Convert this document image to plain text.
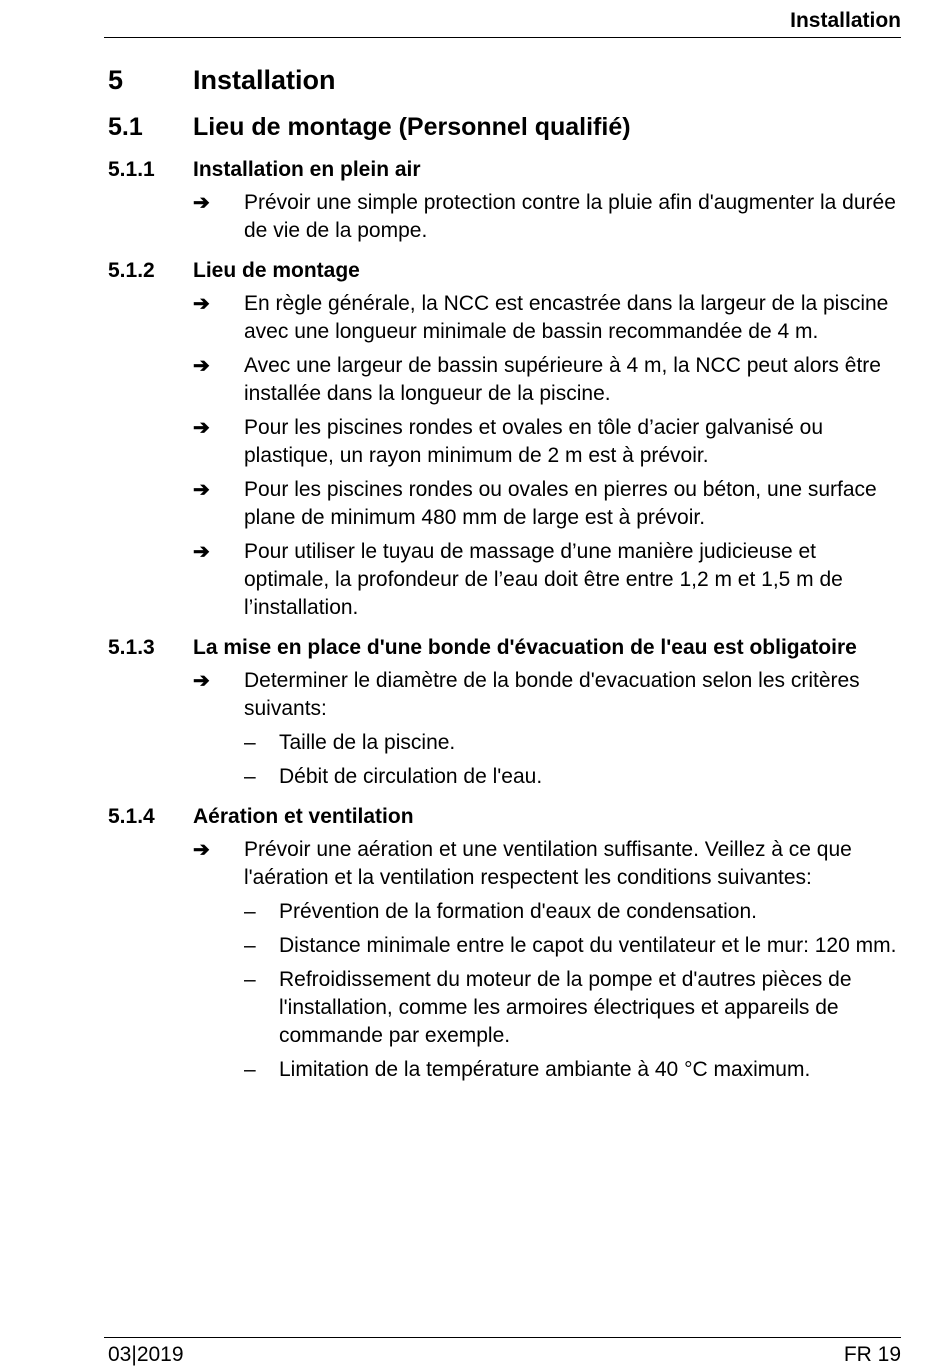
Installation
5	Installation
5.1	Lieu de montage (Personnel qualifié)
5.1.1	Installation en plein air
➔	Prévoir une simple protection contre la pluie afin d'augmenter la durée de vie de la pompe.
5.1.2	Lieu de montage
➔	En règle générale, la NCC est encastrée dans la largeur de la piscine avec une longueur minimale de bassin recommandée de 4 m.
➔	Avec une largeur de bassin supérieure à 4 m, la NCC peut alors être installée dans la longueur de la piscine.
➔	Pour les piscines rondes et ovales en tôle d’acier galvanisé ou plastique, un rayon minimum de 2 m est à prévoir.
➔	Pour les piscines rondes ou ovales en pierres ou béton, une surface plane de minimum 480 mm de large est à prévoir.
➔	Pour utiliser le tuyau de massage d’une manière judicieuse et optimale, la profondeur de l’eau doit être entre 1,2 m et 1,5 m de l’installation.
5.1.3	La mise en place d'une bonde d'évacuation de l'eau est obligatoire
➔	Determiner le diamètre de la bonde d'evacuation selon les critères suivants:
–	Taille de la piscine.
–	Débit de circulation de l'eau.
5.1.4	Aération et ventilation
➔	Prévoir une aération et une ventilation suffisante. Veillez à ce que l'aération et la ventilation respectent les conditions suivantes:
–	Prévention de la formation d'eaux de condensation.
–	Distance minimale entre le capot du ventilateur et le mur: 120 mm.
–	Refroidissement du moteur de la pompe et d'autres pièces de l'installation, comme les armoires électriques et appareils de commande par exemple.
–	Limitation de la température ambiante à 40 °C maximum.
03|2019	FR 19
